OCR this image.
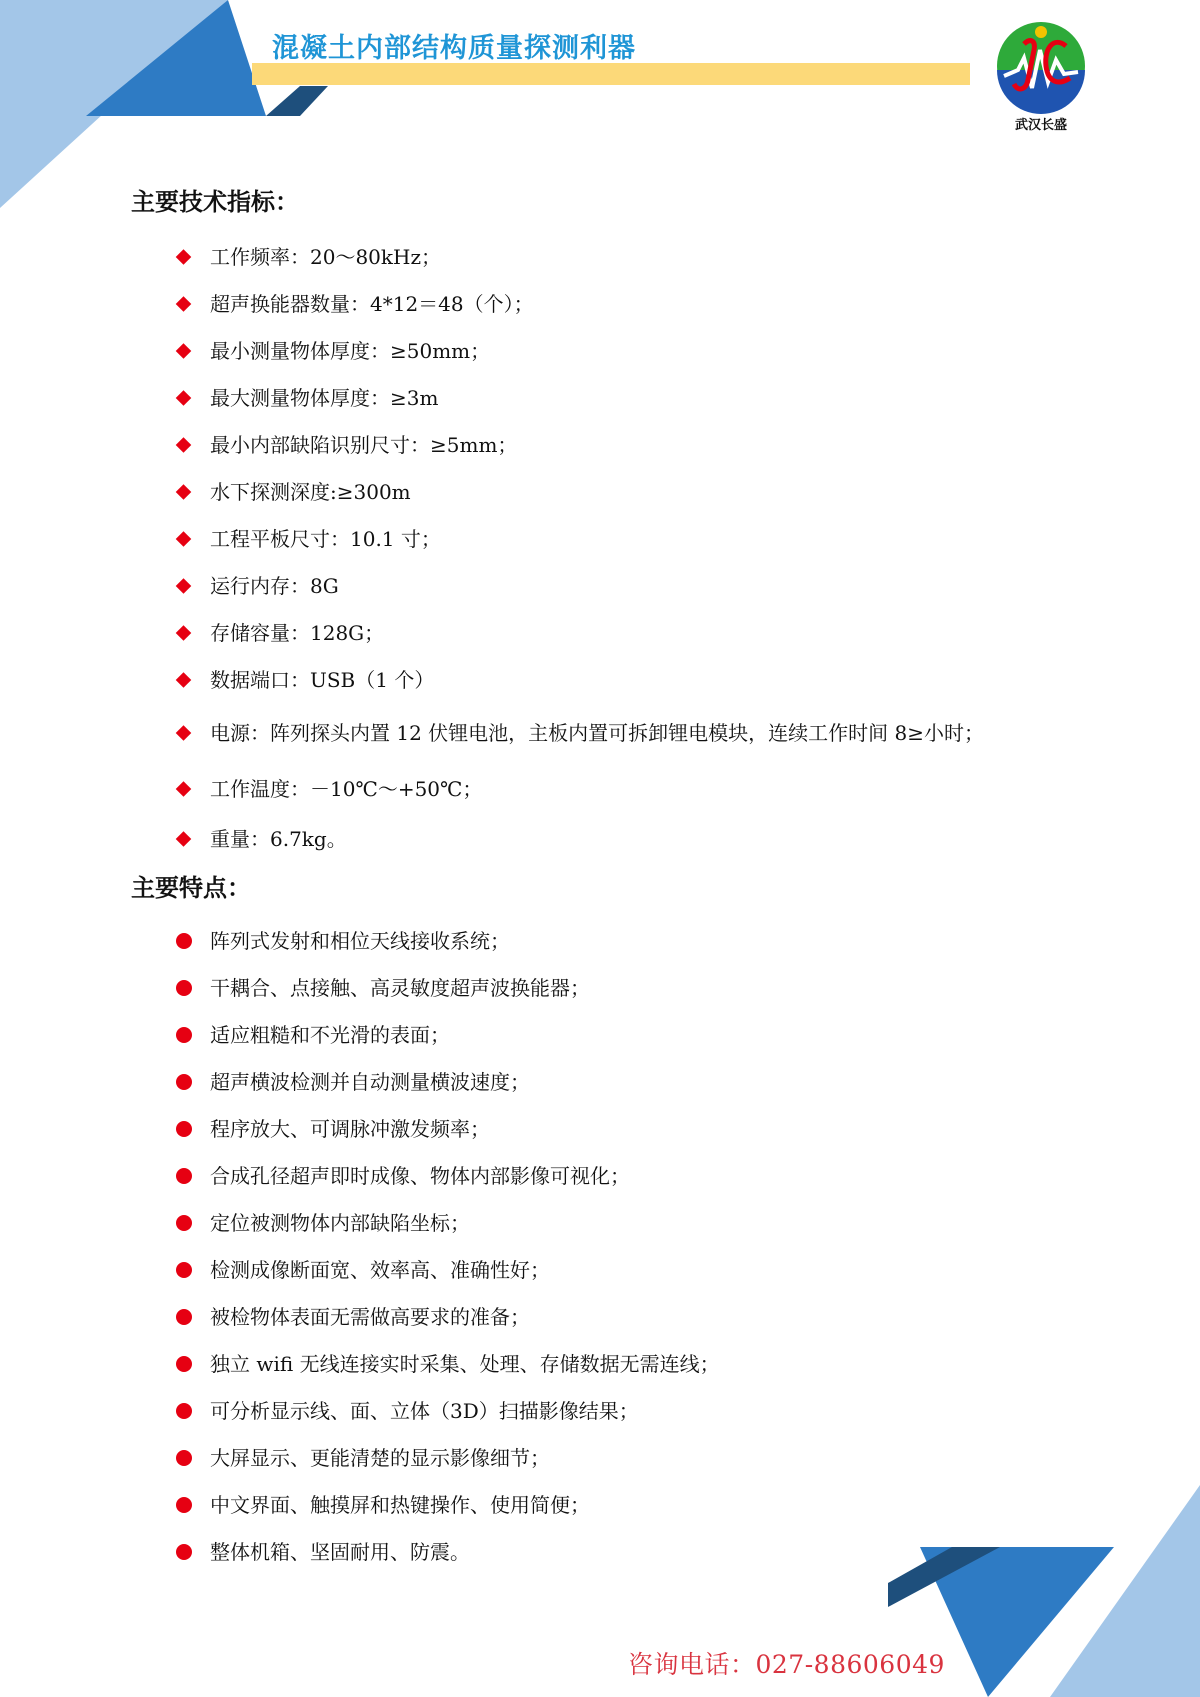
混凝土内部结构质量探测利器
武汉长盛
主要技术指标：
工作频率：20～80kHz；
超声换能器数量：4*12＝48（个）；
最小测量物体厚度：≥50mm；
最大测量物体厚度：≥3m
最小内部缺陷识别尺寸：≥5mm；
水下探测深度:≥300m
工程平板尺寸：10.1 寸；
运行内存：8G
存储容量：128G；
数据端口：USB（1 个）
电源：阵列探头内置 12 伏锂电池，主板内置可拆卸锂电模块，连续工作时间 8≥小时；
工作温度：－10℃～+50℃；
重量：6.7kg。
主要特点：
阵列式发射和相位天线接收系统；
干耦合、点接触、高灵敏度超声波换能器；
适应粗糙和不光滑的表面；
超声横波检测并自动测量横波速度；
程序放大、可调脉冲激发频率；
合成孔径超声即时成像、物体内部影像可视化；
定位被测物体内部缺陷坐标；
检测成像断面宽、效率高、准确性好；
被检物体表面无需做高要求的准备；
独立 wifi 无线连接实时采集、处理、存储数据无需连线；
可分析显示线、面、立体（3D）扫描影像结果；
大屏显示、更能清楚的显示影像细节；
中文界面、触摸屏和热键操作、使用简便；
整体机箱、坚固耐用、防震。
咨询电话：027-88606049
